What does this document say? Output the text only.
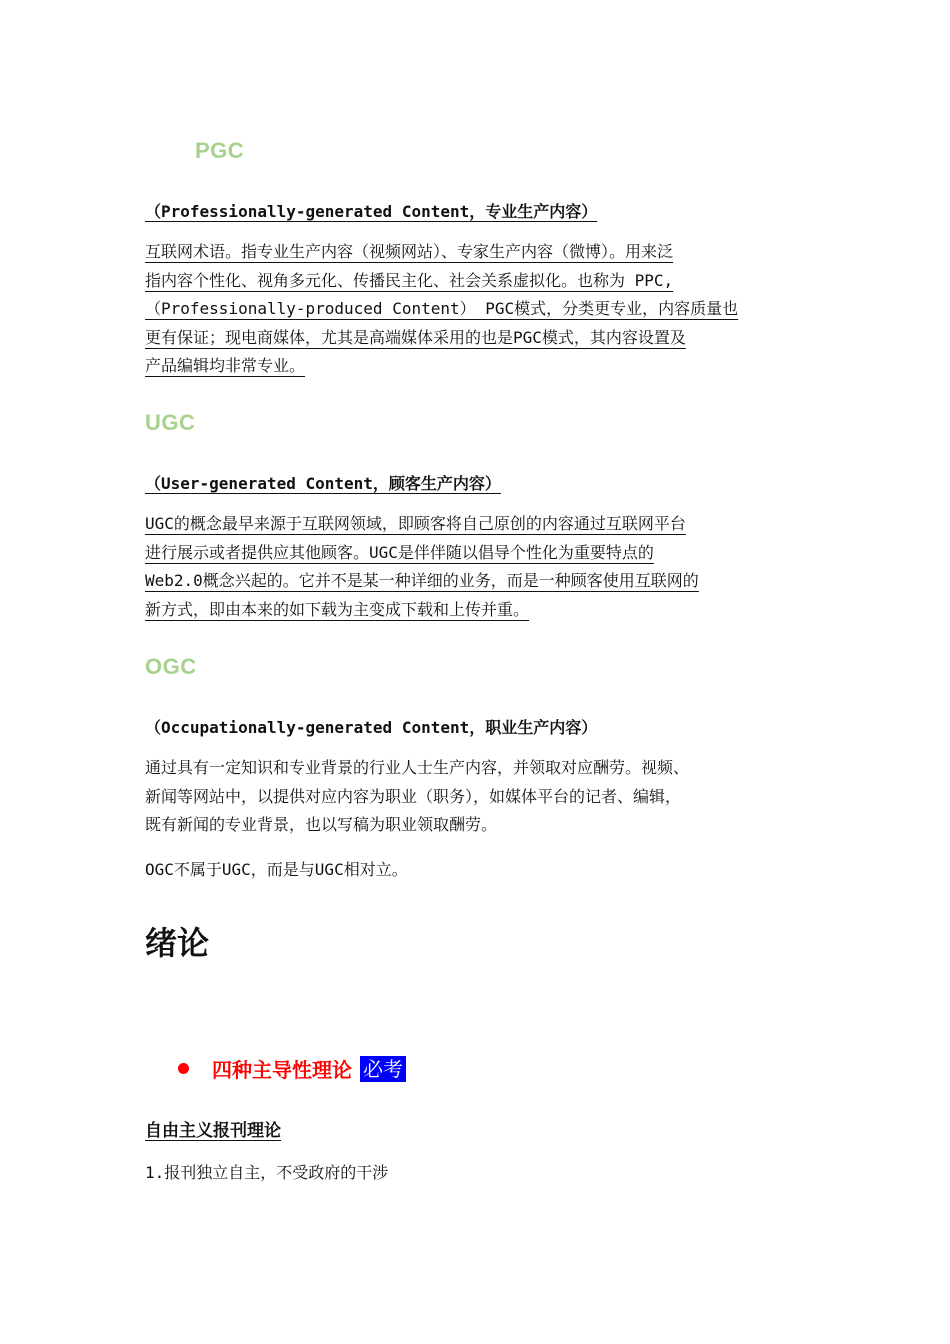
PGC
（Professionally-generated Content，专业生产内容）
互联网术语。指专业生产内容（视频网站）、专家生产内容（微博）。用来泛
指内容个性化、视角多元化、传播民主化、社会关系虚拟化。也称为 PPC,
（Professionally-produced Content） PGC模式，分类更专业，内容质量也
更有保证；现电商媒体，尤其是高端媒体采用的也是PGC模式，其内容设置及
产品编辑均非常专业。
UGC
（User-generated Content，顾客生产内容）
UGC的概念最早来源于互联网领域，即顾客将自己原创的内容通过互联网平台
进行展示或者提供应其他顾客。UGC是伴伴随以倡导个性化为重要特点的
Web2.0概念兴起的。它并不是某一种详细的业务，而是一种顾客使用互联网的
新方式，即由本来的如下载为主变成下载和上传并重。
OGC
（Occupationally-generated Content，职业生产内容）
通过具有一定知识和专业背景的行业人士生产内容，并领取对应酬劳。视频、
新闻等网站中，以提供对应内容为职业（职务），如媒体平台的记者、编辑，
既有新闻的专业背景，也以写稿为职业领取酬劳。
OGC不属于UGC，而是与UGC相对立。
绪论
四种主导性理论 必考
自由主义报刊理论
1.报刊独立自主，不受政府的干涉
